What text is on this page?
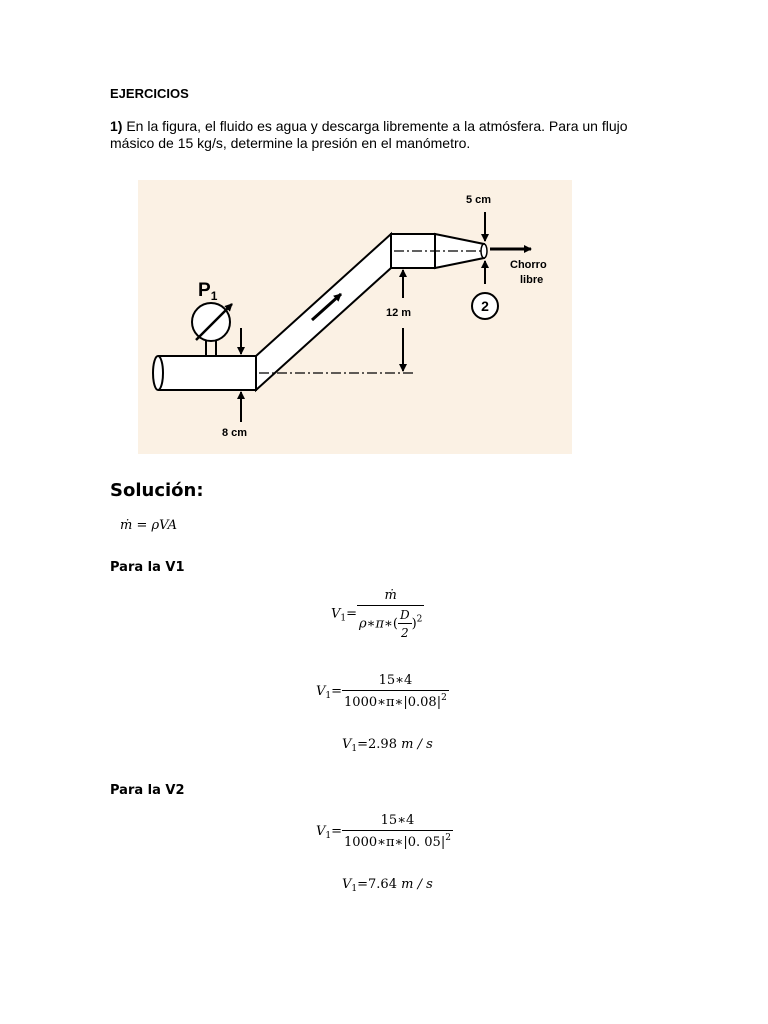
EJERCICIOS
1) En la figura, el fluido es agua y descarga libremente a la atmósfera. Para un flujo másico de 15 kg/s, determine la presión en el manómetro.
$P_1$
8 cm
12 m
5 cm
2
Chorro
libre
Solución:
ṁ = ρVA
Para la V1
$V_1= \frac{\text{ṁ}}{\rho∗\pi∗( \frac{D}{2} )^2}$
$V_1= \frac{15∗4}{1000∗\pi∗|0.08|^2}$
$V_1=2.98$ m / s
Para la V2
$V_1= \frac{15∗4}{1000∗\pi∗|0. 05|^2}$
$V_1=7.64$ m / s
